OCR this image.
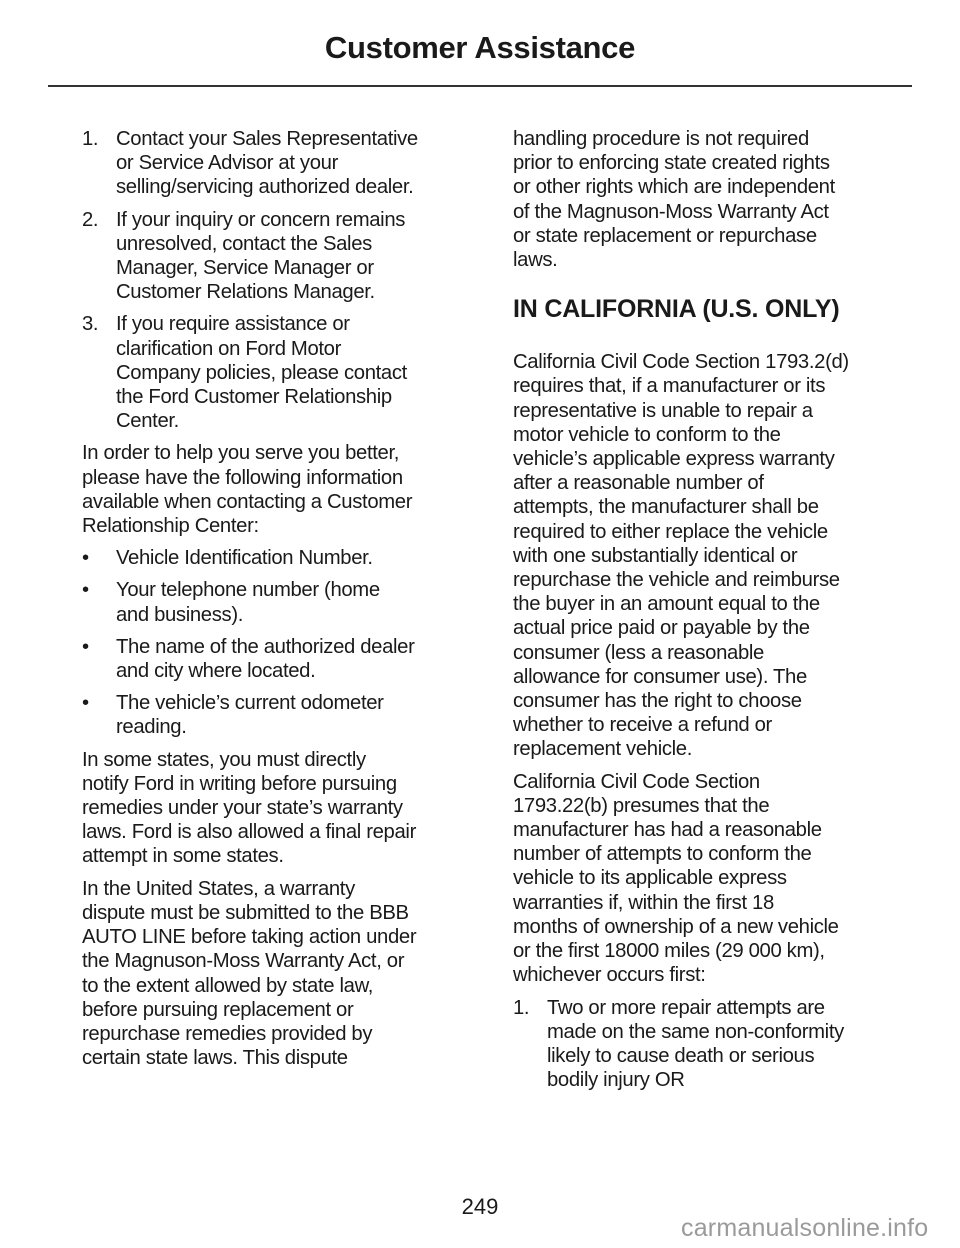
Customer Assistance
1. Contact your Sales Representative
or Service Advisor at your
selling/servicing authorized dealer.
2. If your inquiry or concern remains
unresolved, contact the Sales
Manager, Service Manager or
Customer Relations Manager.
3. If you require assistance or
clarification on Ford Motor
Company policies, please contact
the Ford Customer Relationship
Center.
In order to help you serve you better,
please have the following information
available when contacting a Customer
Relationship Center:
• Vehicle Identification Number.
• Your telephone number (home
and business).
• The name of the authorized dealer
and city where located.
• The vehicle’s current odometer
reading.
In some states, you must directly
notify Ford in writing before pursuing
remedies under your state’s warranty
laws. Ford is also allowed a final repair
attempt in some states.
In the United States, a warranty
dispute must be submitted to the BBB
AUTO LINE before taking action under
the Magnuson-Moss Warranty Act, or
to the extent allowed by state law,
before pursuing replacement or
repurchase remedies provided by
certain state laws. This dispute
handling procedure is not required
prior to enforcing state created rights
or other rights which are independent
of the Magnuson-Moss Warranty Act
or state replacement or repurchase
laws.
IN CALIFORNIA (U.S. ONLY)
California Civil Code Section 1793.2(d)
requires that, if a manufacturer or its
representative is unable to repair a
motor vehicle to conform to the
vehicle’s applicable express warranty
after a reasonable number of
attempts, the manufacturer shall be
required to either replace the vehicle
with one substantially identical or
repurchase the vehicle and reimburse
the buyer in an amount equal to the
actual price paid or payable by the
consumer (less a reasonable
allowance for consumer use). The
consumer has the right to choose
whether to receive a refund or
replacement vehicle.
California Civil Code Section
1793.22(b) presumes that the
manufacturer has had a reasonable
number of attempts to conform the
vehicle to its applicable express
warranties if, within the first 18
months of ownership of a new vehicle
or the first 18000 miles (29 000 km),
whichever occurs first:
1. Two or more repair attempts are
made on the same non-conformity
likely to cause death or serious
bodily injury OR
249
carmanualsonline.info
